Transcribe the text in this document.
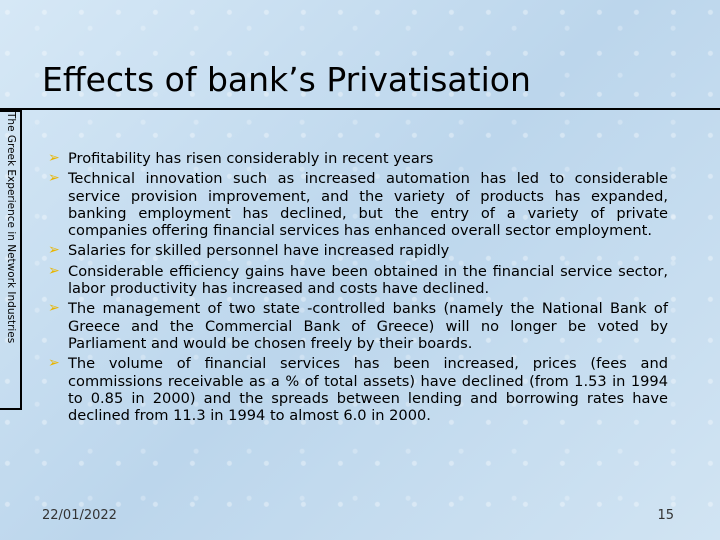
The Greek Experience in Network Industries
Effects of bank’s Privatisation
➢ Profitability has risen considerably in recent years
➢ Technical innovation such as increased automation has led to considerable service provision improvement, and the variety of products has expanded, banking employment has declined, but the entry of a variety of private companies offering financial services has enhanced overall sector employment.
➢ Salaries for skilled personnel have increased rapidly
➢ Considerable efficiency gains have been obtained in the financial service sector, labor productivity has increased and costs have declined.
➢ The management of two state -controlled banks (namely the National Bank of Greece and the Commercial Bank of Greece) will no longer be voted by Parliament and would be chosen freely by their boards.
➢ The volume of financial services has been increased, prices (fees and commissions receivable as a % of total assets) have declined (from 1.53 in 1994 to 0.85 in 2000) and the spreads between lending and borrowing rates have declined from 11.3 in 1994 to almost 6.0 in 2000.
22/01/2022	15
